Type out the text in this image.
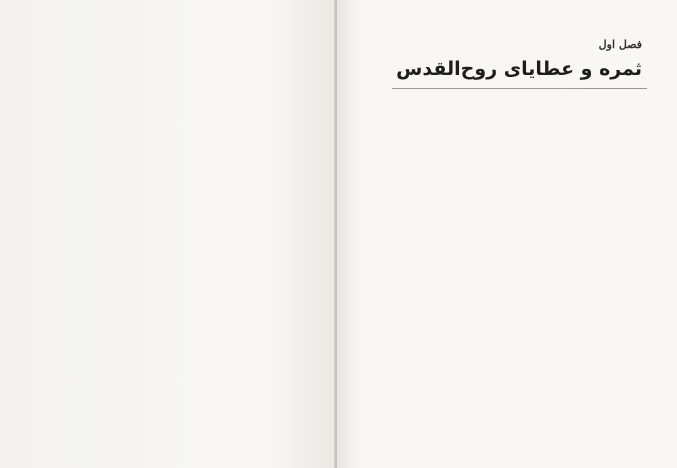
فصل اول
ثمره و عطایای روح‌القدس
